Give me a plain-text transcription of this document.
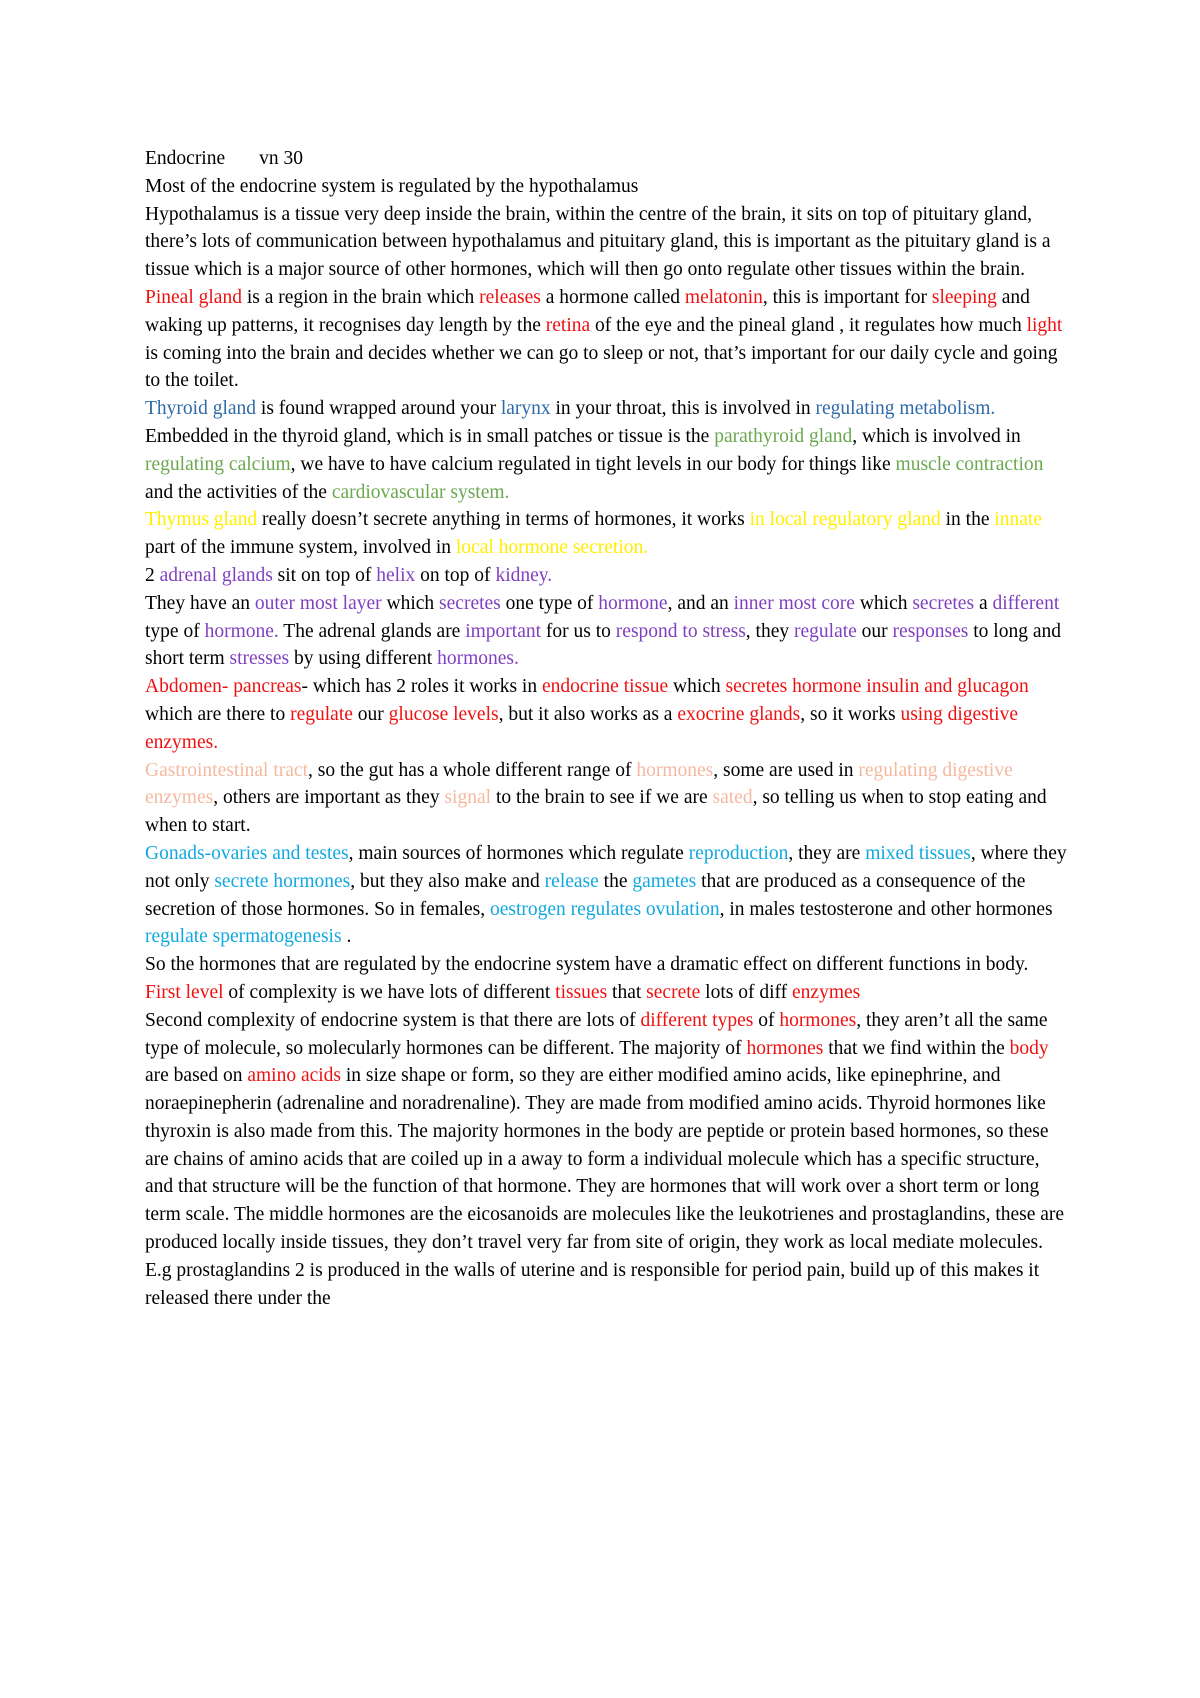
Endocrine vn 30

Most of the endocrine system is regulated by the hypothalamus

Hypothalamus is a tissue very deep inside the brain, within the centre of the brain, it sits on top of pituitary gland, there’s lots of communication between hypothalamus and pituitary gland, this is important as the pituitary gland is a tissue which is a major source of other hormones, which will then go onto regulate other tissues within the brain.

Pineal gland is a region in the brain which releases a hormone called melatonin, this is important for sleeping and waking up patterns, it recognises day length by the retina of the eye and the pineal gland , it regulates how much light is coming into the brain and decides whether we can go to sleep or not, that’s important for our daily cycle and going to the toilet.

Thyroid gland is found wrapped around your larynx in your throat, this is involved in regulating metabolism. Embedded in the thyroid gland, which is in small patches or tissue is the parathyroid gland, which is involved in regulating calcium, we have to have calcium regulated in tight levels in our body for things like muscle contraction and the activities of the cardiovascular system.

Thymus gland really doesn’t secrete anything in terms of hormones, it works in local regulatory gland in the innate part of the immune system, involved in local hormone secretion.

2 adrenal glands sit on top of helix on top of kidney.

They have an outer most layer which secretes one type of hormone, and an inner most core which secretes a different type of hormone. The adrenal glands are important for us to respond to stress, they regulate our responses to long and short term stresses by using different hormones.

Abdomen- pancreas- which has 2 roles it works in endocrine tissue which secretes hormone insulin and glucagon which are there to regulate our glucose levels, but it also works as a exocrine glands, so it works using digestive enzymes.

Gastrointestinal tract, so the gut has a whole different range of hormones, some are used in regulating digestive enzymes, others are important as they signal to the brain to see if we are sated, so telling us when to stop eating and when to start.

Gonads-ovaries and testes, main sources of hormones which regulate reproduction, they are mixed tissues, where they not only secrete hormones, but they also make and release the gametes that are produced as a consequence of the secretion of those hormones. So in females, oestrogen regulates ovulation, in males testosterone and other hormones regulate spermatogenesis .

So the hormones that are regulated by the endocrine system have a dramatic effect on different functions in body.

First level of complexity is we have lots of different tissues that secrete lots of diff enzymes

Second complexity of endocrine system is that there are lots of different types of hormones, they aren’t all the same type of molecule, so molecularly hormones can be different. The majority of hormones that we find within the body are based on amino acids in size shape or form, so they are either modified amino acids, like epinephrine, and noraepinepherin (adrenaline and noradrenaline). They are made from modified amino acids. Thyroid hormones like thyroxin is also made from this. The majority hormones in the body are peptide or protein based hormones, so these are chains of amino acids that are coiled up in a away to form a individual molecule which has a specific structure, and that structure will be the function of that hormone. They are hormones that will work over a short term or long term scale. The middle hormones are the eicosanoids are molecules like the leukotrienes and prostaglandins, these are produced locally inside tissues, they don’t travel very far from site of origin, they work as local mediate molecules. E.g prostaglandins 2 is produced in the walls of uterine and is responsible for period pain, build up of this makes it released there under the
